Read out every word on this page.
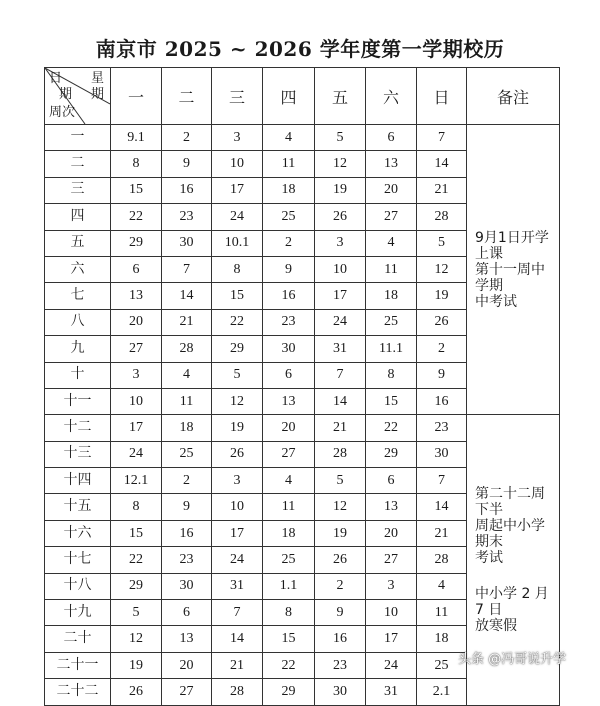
南京市 2025 ~ 2026 学年度第一学期校历
日 星
期 期
周次	一	二	三	四	五	六	日	备注
一	9.1	2	3	4	5	6	7	9月1日开学上课

第十一周中学期

中考试

二	8	9	10	11	12	13	14	
三	15	16	17	18	19	20	21	
四	22	23	24	25	26	27	28	
五	29	30	10.1	2	3	4	5	
六	6	7	8	9	10	11	12	
七	13	14	15	16	17	18	19	
八	20	21	22	23	24	25	26	
九	27	28	29	30	31	11.1	2	
十	3	4	5	6	7	8	9	
十一	10	11	12	13	14	15	16	
十二	17	18	19	20	21	22	23	第二十二周下半

周起中小学期末

考试

中小学 2 月 7 日

放寒假

十三	24	25	26	27	28	29	30	
十四	12.1	2	3	4	5	6	7	
十五	8	9	10	11	12	13	14	
十六	15	16	17	18	19	20	21	
十七	22	23	24	25	26	27	28	
十八	29	30	31	1.1	2	3	4	
十九	5	6	7	8	9	10	11	
二十	12	13	14	15	16	17	18	
二十一	19	20	21	22	23	24	25	
二十二	26	27	28	29	30	31	2.1	
头条 @冯哥说升学
